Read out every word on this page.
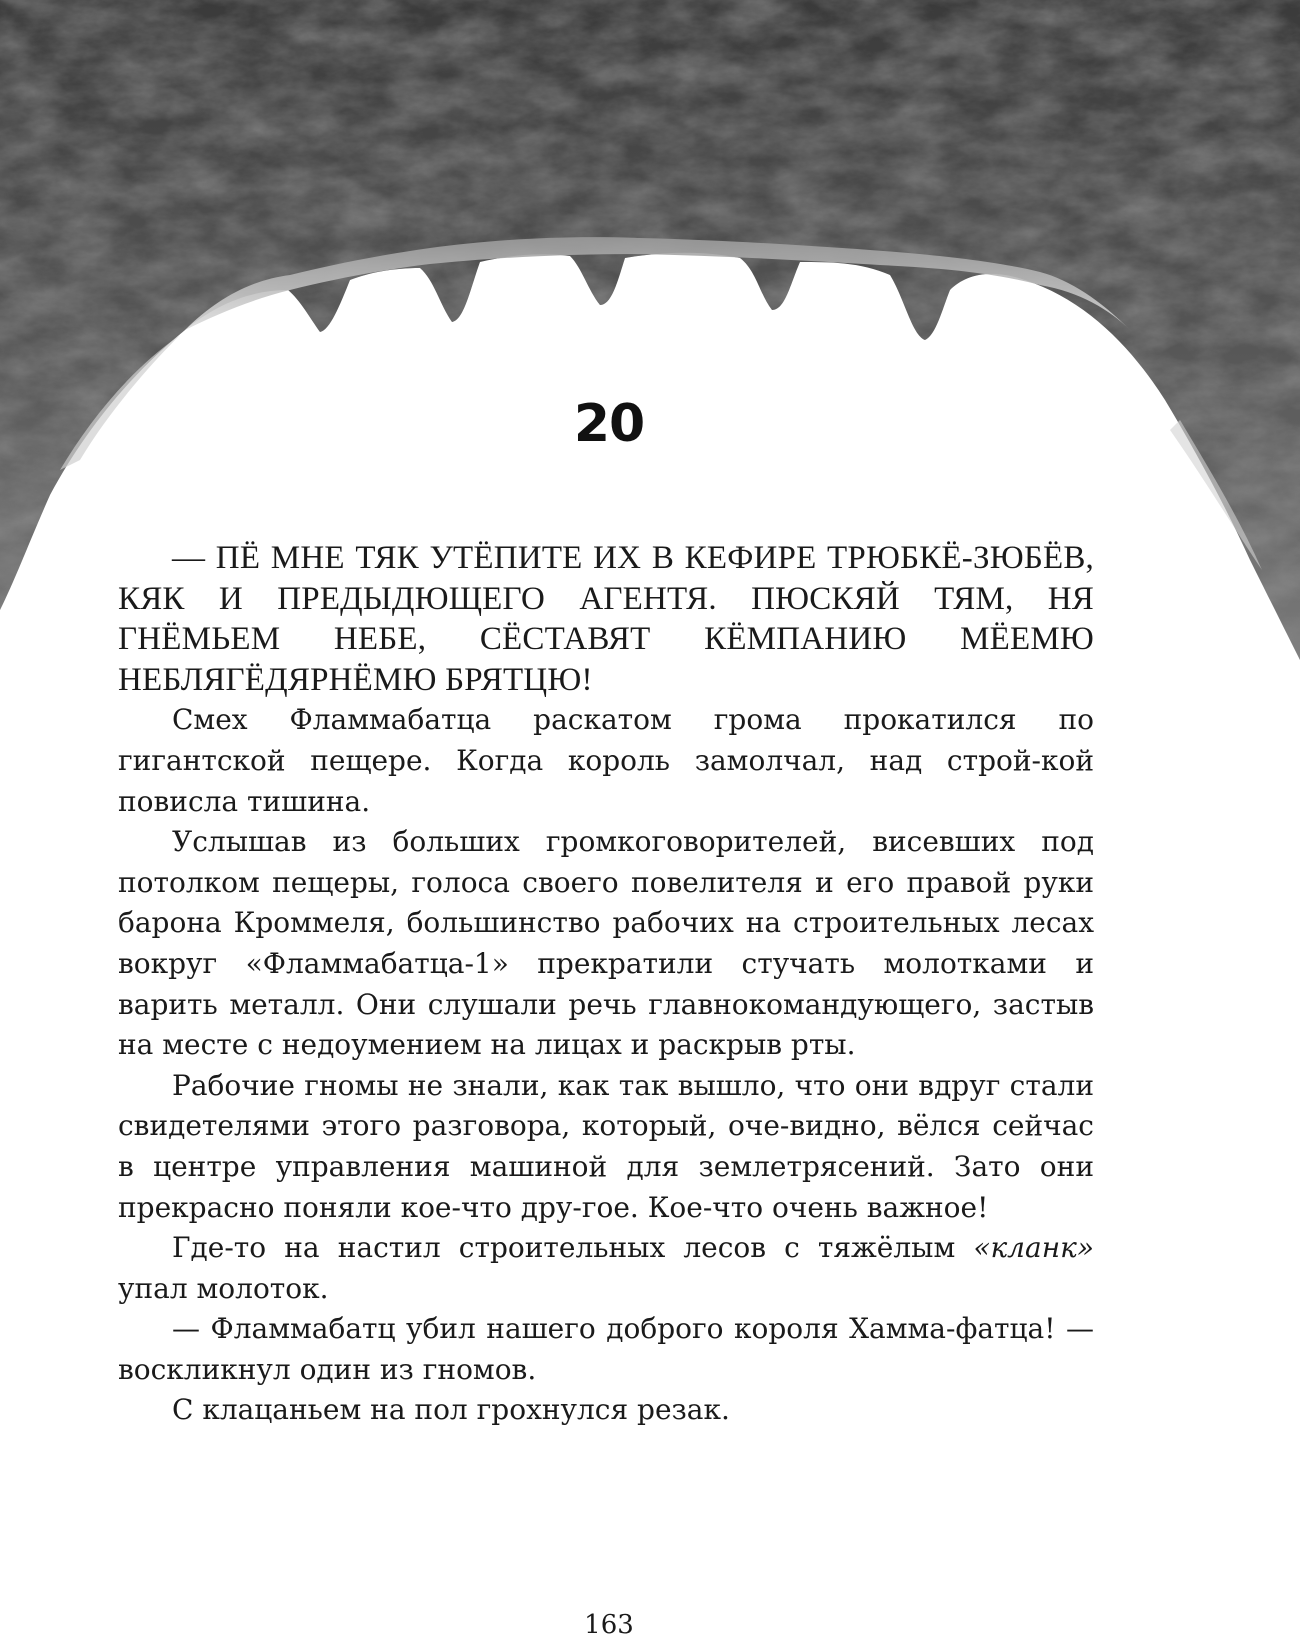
20

— ПЁ МНЕ ТЯК УТЁПИТЕ ИХ В КЕФИРЕ ТРЮБКЁ-ЗЮБЁВ, КЯК И ПРЕДЫДЮЩЕГО АГЕНТЯ. ПЮСКЯЙ ТЯМ, НЯ ГНЁМЬЕМ НЕБЕ, СЁСТАВЯТ КЁМПАНИЮ МЁЕМЮ НЕБЛЯГЁДЯРНЁМЮ БРЯТЦЮ!

Смех Фламмабатца раскатом грома прокатился по гигантской пещере. Когда король замолчал, над строй-кой повисла тишина.

Услышав из больших громкоговорителей, висевших под потолком пещеры, голоса своего повелителя и его правой руки барона Кроммеля, большинство рабочих на строительных лесах вокруг «Фламмабатца-1» прекратили стучать молотками и варить металл. Они слушали речь главнокомандующего, застыв на месте с недоумением на лицах и раскрыв рты.

Рабочие гномы не знали, как так вышло, что они вдруг стали свидетелями этого разговора, который, оче-видно, вёлся сейчас в центре управления машиной для землетрясений. Зато они прекрасно поняли кое-что дру-гое. Кое-что очень важное!

Где-то на настил строительных лесов с тяжёлым «кланк» упал молоток.

— Фламмабатц убил нашего доброго короля Хамма-фатца! — воскликнул один из гномов.

С клацаньем на пол грохнулся резак.

163
